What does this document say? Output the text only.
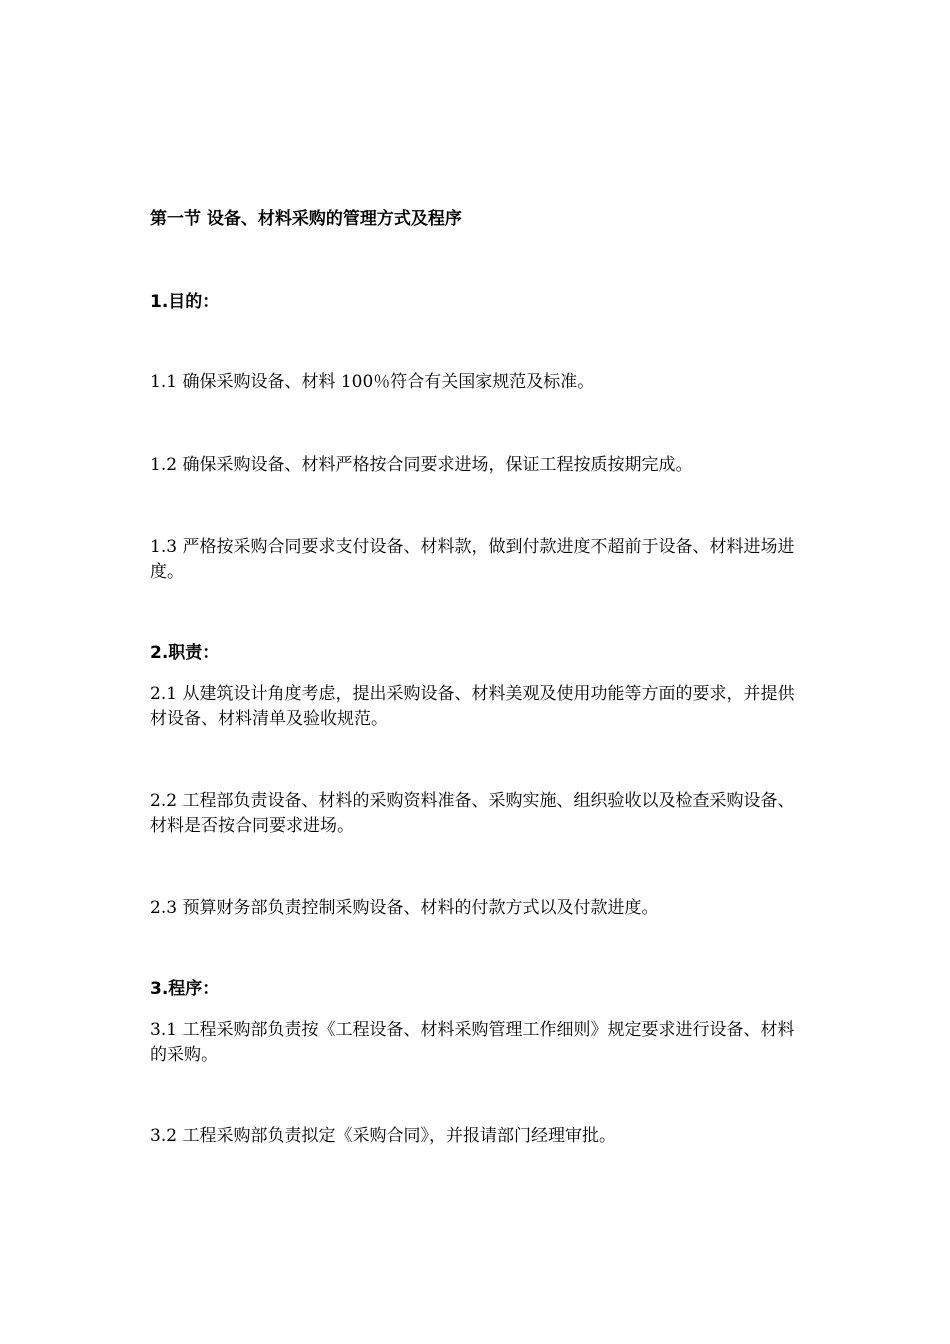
第一节 设备、材料采购的管理方式及程序
1.目的：
1.1 确保采购设备、材料 100％符合有关国家规范及标准。
1.2 确保采购设备、材料严格按合同要求进场，保证工程按质按期完成。
1.3 严格按采购合同要求支付设备、材料款，做到付款进度不超前于设备、材料进场进度。
2.职责：
2.1 从建筑设计角度考虑，提出采购设备、材料美观及使用功能等方面的要求，并提供材设备、材料清单及验收规范。
2.2 工程部负责设备、材料的采购资料准备、采购实施、组织验收以及检查采购设备、材料是否按合同要求进场。
2.3 预算财务部负责控制采购设备、材料的付款方式以及付款进度。
3.程序：
3.1 工程采购部负责按《工程设备、材料采购管理工作细则》规定要求进行设备、材料的采购。
3.2 工程采购部负责拟定《采购合同》，并报请部门经理审批。
